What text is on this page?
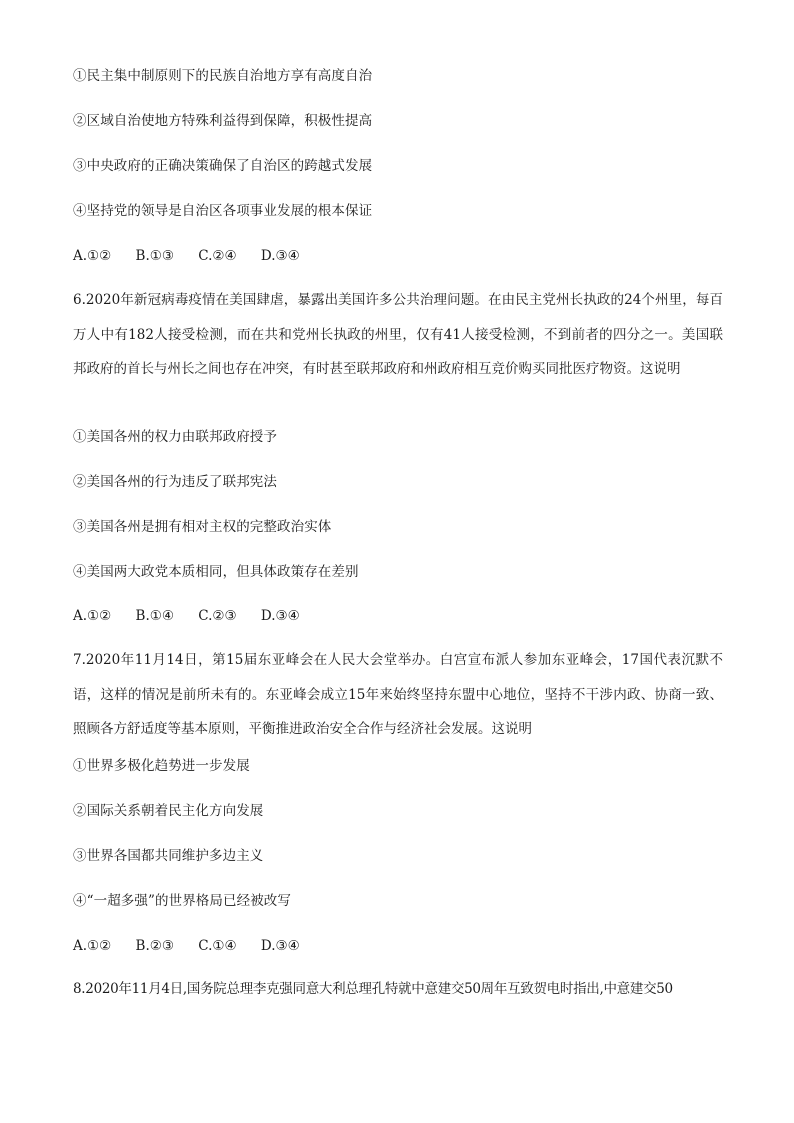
①民主集中制原则下的民族自治地方享有高度自治
②区域自治使地方特殊利益得到保障，积极性提高
③中央政府的正确决策确保了自治区的跨越式发展
④坚持党的领导是自治区各项事业发展的根本保证
A.①② B.①③ C.②④ D.③④
6.2020年新冠病毒疫情在美国肆虐，暴露出美国许多公共治理问题。在由民主党州长执政的24个州里，每百万人中有182人接受检测，而在共和党州长执政的州里，仅有41人接受检测，不到前者的四分之一。美国联邦政府的首长与州长之间也存在冲突，有时甚至联邦政府和州政府相互竞价购买同批医疗物资。这说明
①美国各州的权力由联邦政府授予
②美国各州的行为违反了联邦宪法
③美国各州是拥有相对主权的完整政治实体
④美国两大政党本质相同，但具体政策存在差别
A.①② B.①④ C.②③ D.③④
7.2020年11月14日，第15届东亚峰会在人民大会堂举办。白宫宣布派人参加东亚峰会，17国代表沉默不语，这样的情况是前所未有的。东亚峰会成立15年来始终坚持东盟中心地位，坚持不干涉内政、协商一致、照顾各方舒适度等基本原则，平衡推进政治安全合作与经济社会发展。这说明
①世界多极化趋势进一步发展
②国际关系朝着民主化方向发展
③世界各国都共同维护多边主义
④“一超多强”的世界格局已经被改写
A.①② B.②③ C.①④ D.③④
8.2020年11月4日,国务院总理李克强同意大利总理孔特就中意建交50周年互致贺电时指出,中意建交50
